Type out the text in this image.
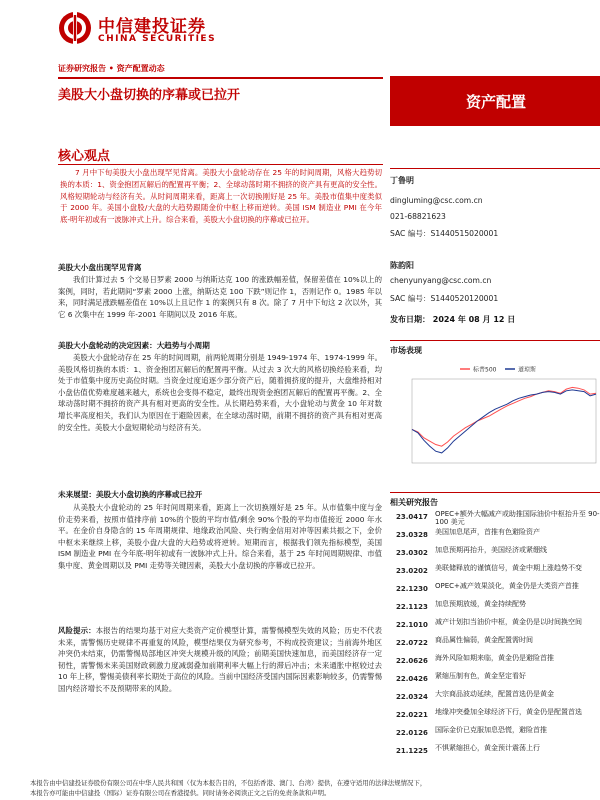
中信建投证券
CHINA SECURITIES
证券研究报告 • 资产配置动态
美股大小盘切换的序幕或已拉开	资产配置
核心观点
7 月中下旬美股大小盘出现罕见背离。美股大小盘轮动存在 25 年的时间周期，风格大趋势切换的本质：1、资金抱团瓦解后的配置再平衡；2、全球动荡时期不拥挤的资产具有更高的安全性。风格短期轮动与经济有关。从时间周期来看，距离上一次切换刚好是 25 年。美股市值集中度类似于 2000 年。美国小盘股/大盘的大趋势跟随金价中枢上移而逆转。美国 ISM 制造业 PMI 在今年底-明年初或有一波脉冲式上升。综合来看，美股大小盘切换的序幕或已拉开。
美股大小盘出现罕见背离
我们计算过去 5 个交易日罗素 2000 与纳斯达克 100 的涨跌幅差值，保留差值在 10%以上的案例，同时，若此期间“罗素 2000 上涨，纳斯达克 100 下跌”则记作 1，否则记作 0。1985 年以来，同时满足涨跌幅差值在 10%以上且记作 1 的案例只有 8 次。除了 7 月中下旬这 2 次以外，其它 6 次集中在 1999 年-2001 年期间以及 2016 年底。
美股大小盘轮动的决定因素：大趋势与小周期
美股大小盘轮动存在 25 年的时间周期，前两轮周期分别是 1949-1974 年、1974-1999 年。美股风格切换的本质：1、资金抱团瓦解后的配置再平衡。从过去 3 次大的风格切换经验来看，均处于市值集中度历史高位时期。当资金过度追逐少部分资产后，随着拥挤度的提升，大盘维持相对小盘估值优势难度越来越大，系统也会变得不稳定，最终出现资金抱团瓦解后的配置再平衡。2、全球动荡时期不拥挤的资产具有相对更高的安全性。从长期趋势来看，大小盘轮动与黄金 10 年对数增长率高度相关，我们认为原因在于避险因素，在全球动荡时期，前期不拥挤的资产具有相对更高的安全性。美股大小盘短期轮动与经济有关。
未来展望：美股大小盘切换的序幕或已拉开
从美股大小盘轮动的 25 年时间周期来看，距离上一次切换刚好是 25 年。从市值集中度与金价走势来看，按照市值排序前 10%的个股的平均市值/剩余 90%个股的平均市值接近 2000 年水平。在金价自身隐含的 15 年周期规律、地缘政治风险、央行购金信用对冲等因素共振之下，金价中枢未来继续上移，美股小盘/大盘的大趋势或将逆转。短期而言，根据我们领先指标模型，美国 ISM 制造业 PMI 在今年底-明年初或有一波脉冲式上升。综合来看，基于 25 年时间周期规律、市值集中度、黄金周期以及 PMI 走势等关键因素，美股大小盘切换的序幕或已拉开。
风险提示：本报告的结果均基于对应大类资产定价模型计算，需警惕模型失效的风险；历史不代表未来，需警惕历史规律不再重复的风险，模型结果仅为研究参考，不构成投资建议；当前海外地区冲突仍未结束，仍需警惕局部地区冲突大规模升级的风险；前期美国快速加息，而美国经济存一定韧性，需警惕未来美国财政刺激力度减弱叠加前期利率大幅上行的滞后冲击；未来通胀中枢较过去 10 年上移，警惕美债利率长期处于高位的风险。当前中国经济受国内国际因素影响较多，仍需警惕国内经济增长不及预期带来的风险。
丁鲁明
dingluming@csc.com.cn
021-68821623
SAC 编号：S1440515020001
陈韵阳
chenyunyang@csc.com.cn
SAC 编号：S1440520120001
发布日期： 2024 年 08 月 12 日
市场表现
标普500	道琼斯
相关研究报告
23.0417 OPEC+额外大幅减产或助推国际油价中枢抬升至 90-100 美元
23.0328 美国加息尾声，首推有色避险资产
23.0302 加息预期再抬升，美国经济或紧绷线
23.0202 美联储释放的谨慎信号，黄金中期上涨趋势不变
22.1230 OPEC+减产效果淡化，黄金仍是大类资产首推
22.1123 加息预期放缓，黄金持续配势
22.1010 减产计划扣当油价中枢，黄金仍是以时间换空间
22.0722 商品属性偏弱，黄金配置需时间
22.0626 海外风险如期来临，黄金仍是避险首推
22.0426 紧缩压制有色，黄金坚定看好
22.0324 大宗商品波动延续，配置首选仍是黄金
22.0221 地缘冲突叠加全球经济下行，黄金仍是配置首选
22.0126 国际金价已克服加息恐慌，避险首推
21.1225 不惧紧缩担心，黄金预计震荡上行
本报告由中信建投证券股份有限公司在中华人民共和国（仅为本报告目的，不包括香港、澳门、台湾）提供，在遵守适用的法律法规情况下，
本报告亦可能由中信建投（国际）证券有限公司在香港提供。同时请务必阅读正文之后的免责条款和声明。
